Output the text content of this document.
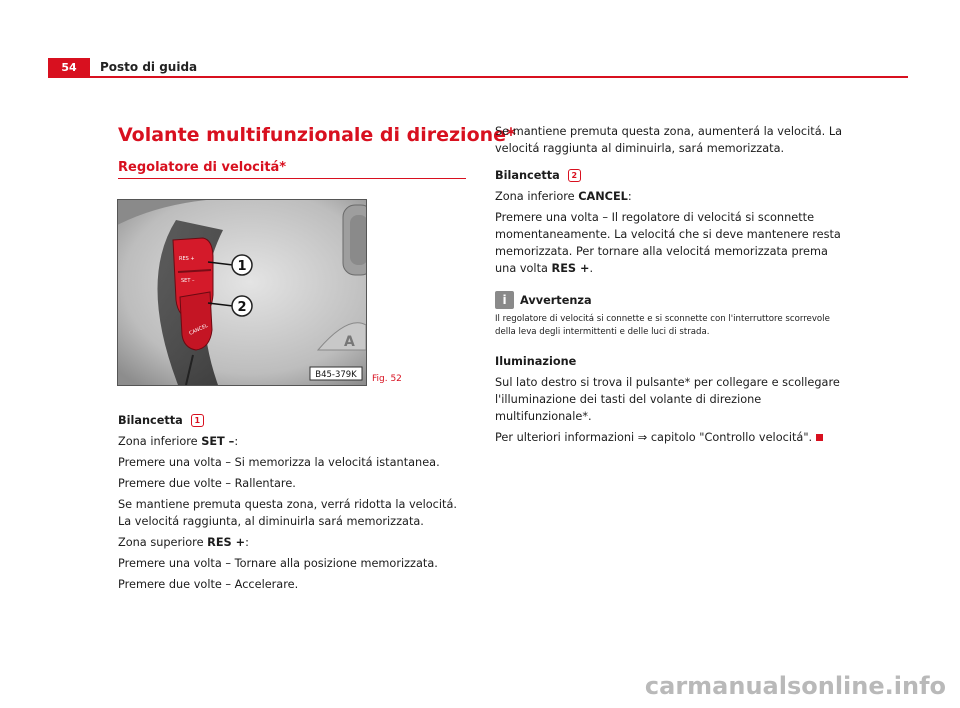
54	Posto di guida
Volante multifunzionale di direzione*
Regolatore di velocitá*
A
RES +
SET –
CANCEL
1
2
B45-379K Fig. 52

Bilancetta 1

Zona inferiore SET –:

Premere una volta – Si memorizza la velocitá istantanea.

Premere due volte – Rallentare.

Se mantiene premuta questa zona, verrá ridotta la velocitá. La velocitá raggiunta, al diminuirla sará memorizzata.

Zona superiore RES +:

Premere una volta – Tornare alla posizione memorizzata.

Premere due volte – Accelerare.

Se mantiene premuta questa zona, aumenterá la velocitá. La velocitá raggiunta al diminuirla, sará memorizzata.

Bilancetta 2

Zona inferiore CANCEL:

Premere una volta – Il regolatore di velocitá si sconnette momentaneamente. La velocitá che si deve mantenere resta memorizzata. Per tornare alla velocitá memorizzata prema una volta RES +.

i	Avvertenza

Il regolatore di velocitá si connette e si sconnette con l'interruttore scorrevole della leva degli intermittenti e delle luci di strada.

Iluminazione

Sul lato destro si trova il pulsante* per collegare e scollegare l'illuminazione dei tasti del volante di direzione multifunzionale*.

Per ulteriori informazioni ⇒ capitolo "Controllo velocitá".

carmanualsonline.info
